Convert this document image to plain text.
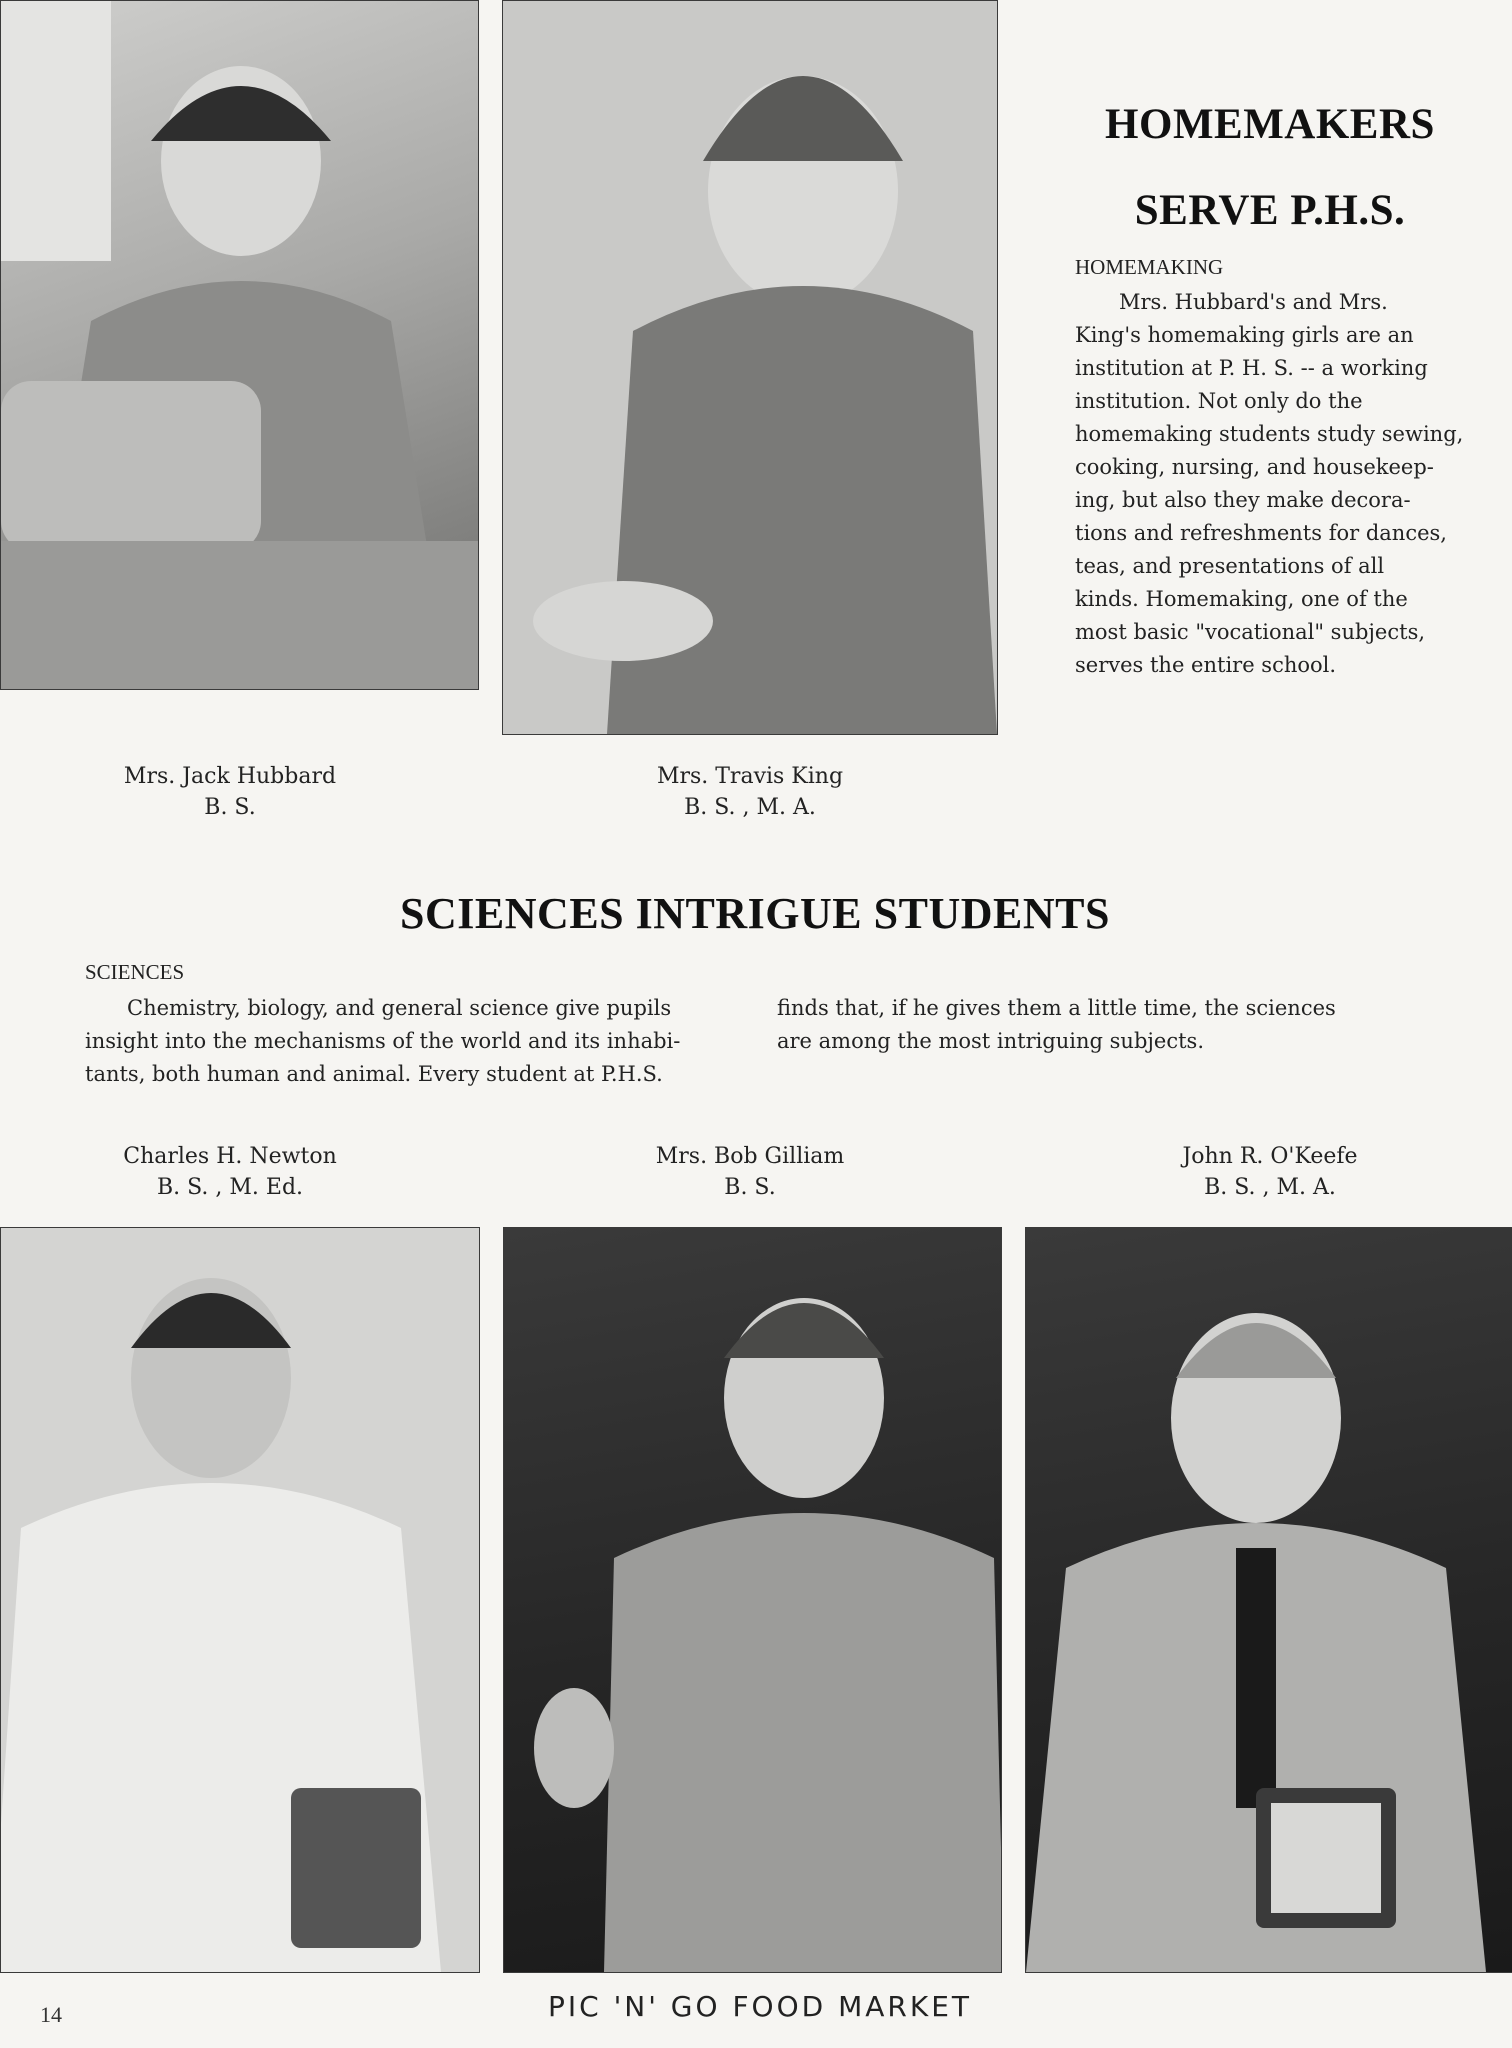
HOMEMAKERS
SERVE P.H.S.
HOMEMAKING
Mrs. Hubbard's and Mrs.
King's homemaking girls are an
institution at P. H. S. -- a working
institution. Not only do the
homemaking students study sewing,
cooking, nursing, and housekeep-
ing, but also they make decora-
tions and refreshments for dances,
teas, and presentations of all
kinds. Homemaking, one of the
most basic "vocational" subjects,
serves the entire school.
Mrs. Jack Hubbard
B. S.
Mrs. Travis King
B. S. , M. A.
SCIENCES INTRIGUE STUDENTS
SCIENCES
Chemistry, biology, and general science give pupils
insight into the mechanisms of the world and its inhabi-
tants, both human and animal. Every student at P.H.S.
finds that, if he gives them a little time, the sciences
are among the most intriguing subjects.
Charles H. Newton
B. S. , M. Ed.
Mrs. Bob Gilliam
B. S.
John R. O'Keefe
B. S. , M. A.
14	PIC 'N' GO FOOD MARKET
